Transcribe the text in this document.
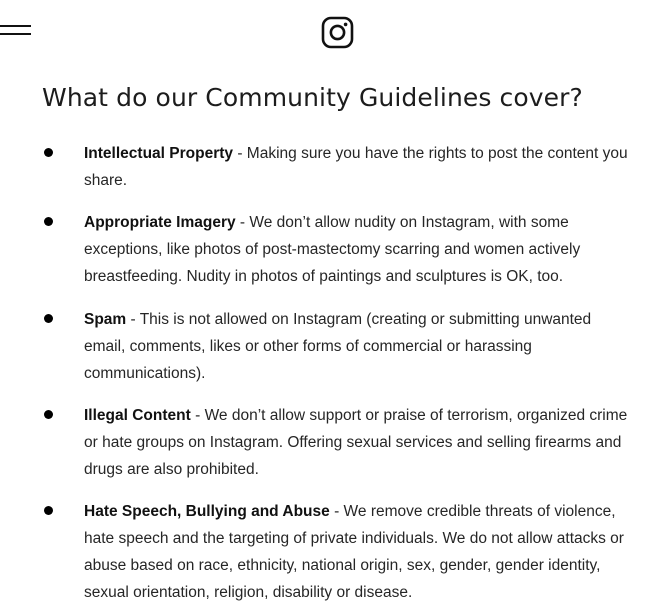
What do our Community Guidelines cover?

Intellectual Property - Making sure you have the rights to post the content you share.

Appropriate Imagery - We don’t allow nudity on Instagram, with some exceptions, like photos of post-mastectomy scarring and women actively breastfeeding. Nudity in photos of paintings and sculptures is OK, too.

Spam - This is not allowed on Instagram (creating or submitting unwanted email, comments, likes or other forms of commercial or harassing communications).

Illegal Content - We don’t allow support or praise of terrorism, organized crime or hate groups on Instagram. Offering sexual services and selling firearms and drugs are also prohibited.

Hate Speech, Bullying and Abuse - We remove credible threats of violence, hate speech and the targeting of private individuals. We do not allow attacks or abuse based on race, ethnicity, national origin, sex, gender, gender identity, sexual orientation, religion, disability or disease.
